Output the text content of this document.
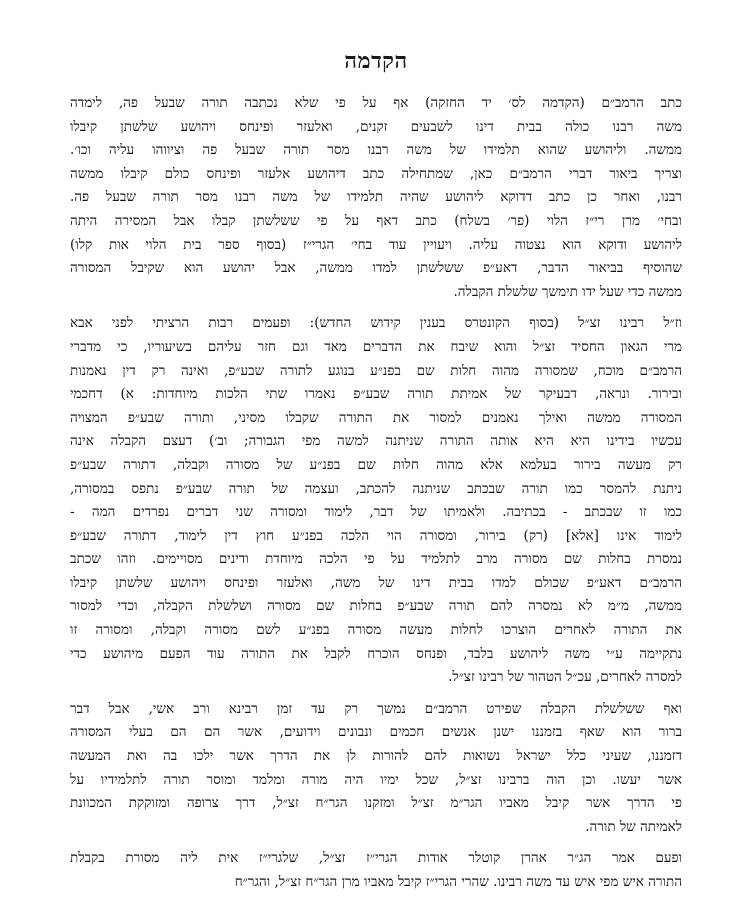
הקדמה
כתב הרמב״ם (הקדמה לס׳ יד החזקה) אף על פי שלא נכתבה תורה שבעל פה, לימדה
משה רבנו כולה בבית דינו לשבעים זקנים, ואלעזר ופינחס ויהושע שלשתן קיבלו
ממשה. וליהושע שהוא תלמידו של משה רבנו מסר תורה שבעל פה וציווהו עליה וכו׳.
וצריך ביאור דברי הרמב״ם כאן, שמתחילה כתב דיהושע אלעזר ופינחס כולם קיבלו ממשה
רבנו, ואחר כן כתב דדוקא ליהושע שהיה תלמידו של משה רבנו מסר תורה שבעל פה.
ובחי׳ מרן רי״ז הלוי (פר׳ בשלח) כתב דאף על פי ששלשתן קבלו אבל המסירה היתה
ליהושע ודוקא הוא נצטוה עליה. ויעויין עוד בחי׳ הגרי״ז (בסוף ספר בית הלוי אות קלו)
שהוסיף בביאור הדבר, דאע״פ ששלשתן למדו ממשה, אבל יהושע הוא שקיבל המסורה
ממשה כדי שעל ידו תימשך שלשלת הקבלה.
וז״ל רבינו זצ״ל (בסוף הקונטרס בענין קידוש החדש): ופעמים רבות הרציתי לפני אבא
מרי הגאון החסיד זצ״ל והוא שיבח את הדברים מאד וגם חזר עליהם בשיעוריו, כי מדברי
הרמב״ם מוכח, שמסורה מהוה חלות שם בפנ״ע בנוגע לתורה שבע״פ, ואינה רק דין נאמנות
ובירור. ונראה, דבעיקר של אמיתת תורה שבע״פ נאמרו שתי הלכות מיוחדות: א) דחכמי
המסורה ממשה ואילך נאמנים למסור את התורה שקבלו מסיני, ותורה שבע״פ המצויה
עכשיו בידינו היא היא אותה התורה שניתנה למשה מפי הגבורה; וב׳) דעצם הקבלה אינה
רק מעשה בירור בעלמא אלא מהוה חלות שם בפנ״ע של מסורה וקבלה, דתורה שבע״פ
ניתנת להמסר כמו תורה שבכתב שניתנה להכתב, ועצמה של תורה שבע״פ נתפס במסורה,
כמו זו שבכתב - בכתיבה. ולאמיתו של דבר, לימוד ומסורה שני דברים נפרדים המה -
לימוד אינו [אלא] (רק) בירור, ומסורה הוי הלכה בפנ״ע חוץ דין לימוד, דתורה שבע״פ
נמסרת בחלות שם מסורה מרב לתלמיד על פי הלכה מיוחדת ודינים מסויימים. וזהו שכתב
הרמב״ם דאע״פ שכולם למדו בבית דינו של משה, ואלעזר ופינחס ויהושע שלשתן קיבלו
ממשה, מ״מ לא נמסרה להם תורה שבע״פ בחלות שם מסורה ושלשלת הקבלה, וכדי למסור
את התורה לאחרים הוצרכו לחלות מעשה מסורה בפנ״ע לשם מסורה וקבלה, ומסורה זו
נתקיימה ע״י משה ליהושע בלבד, ופנחס הוכרח לקבל את התורה עוד הפעם מיהושע כדי
למסרה לאחרים, עכ״ל הטהור של רבינו זצ״ל.
ואף ששלשלת הקבלה שפירט הרמב״ם נמשך רק עד זמן רבינא ורב אשי, אבל דבר
ברור הוא שאף בזמננו ישנן אנשים חכמים ונבונים וידועים, אשר הם הם בעלי המסורה
דזמננו, שעיני כלל ישראל נשואות להם להורות לן את הדרך אשר ילכו בה ואת המעשה
אשר יעשו. וכן הוה ברבינו זצ״ל, שכל ימיו היה מורה ומלמד ומוסר תורה לתלמידיו על
פי הדרך אשר קיבל מאביו הגר״מ זצ״ל ומזקנו הגר״ח זצ״ל, דרך צרופה ומזוקקת המכוונת
לאמיתה של תורה.
ופעם אמר הג״ר אהרן קוטלר אודות הגרי״ז זצ״ל, שלגרי״ז אית ליה מסורת בקבלת
התורה איש מפי איש עד משה רבינו. שהרי הגרי״ז קיבל מאביו מרן הגר״ח זצ״ל, והגר״ח
